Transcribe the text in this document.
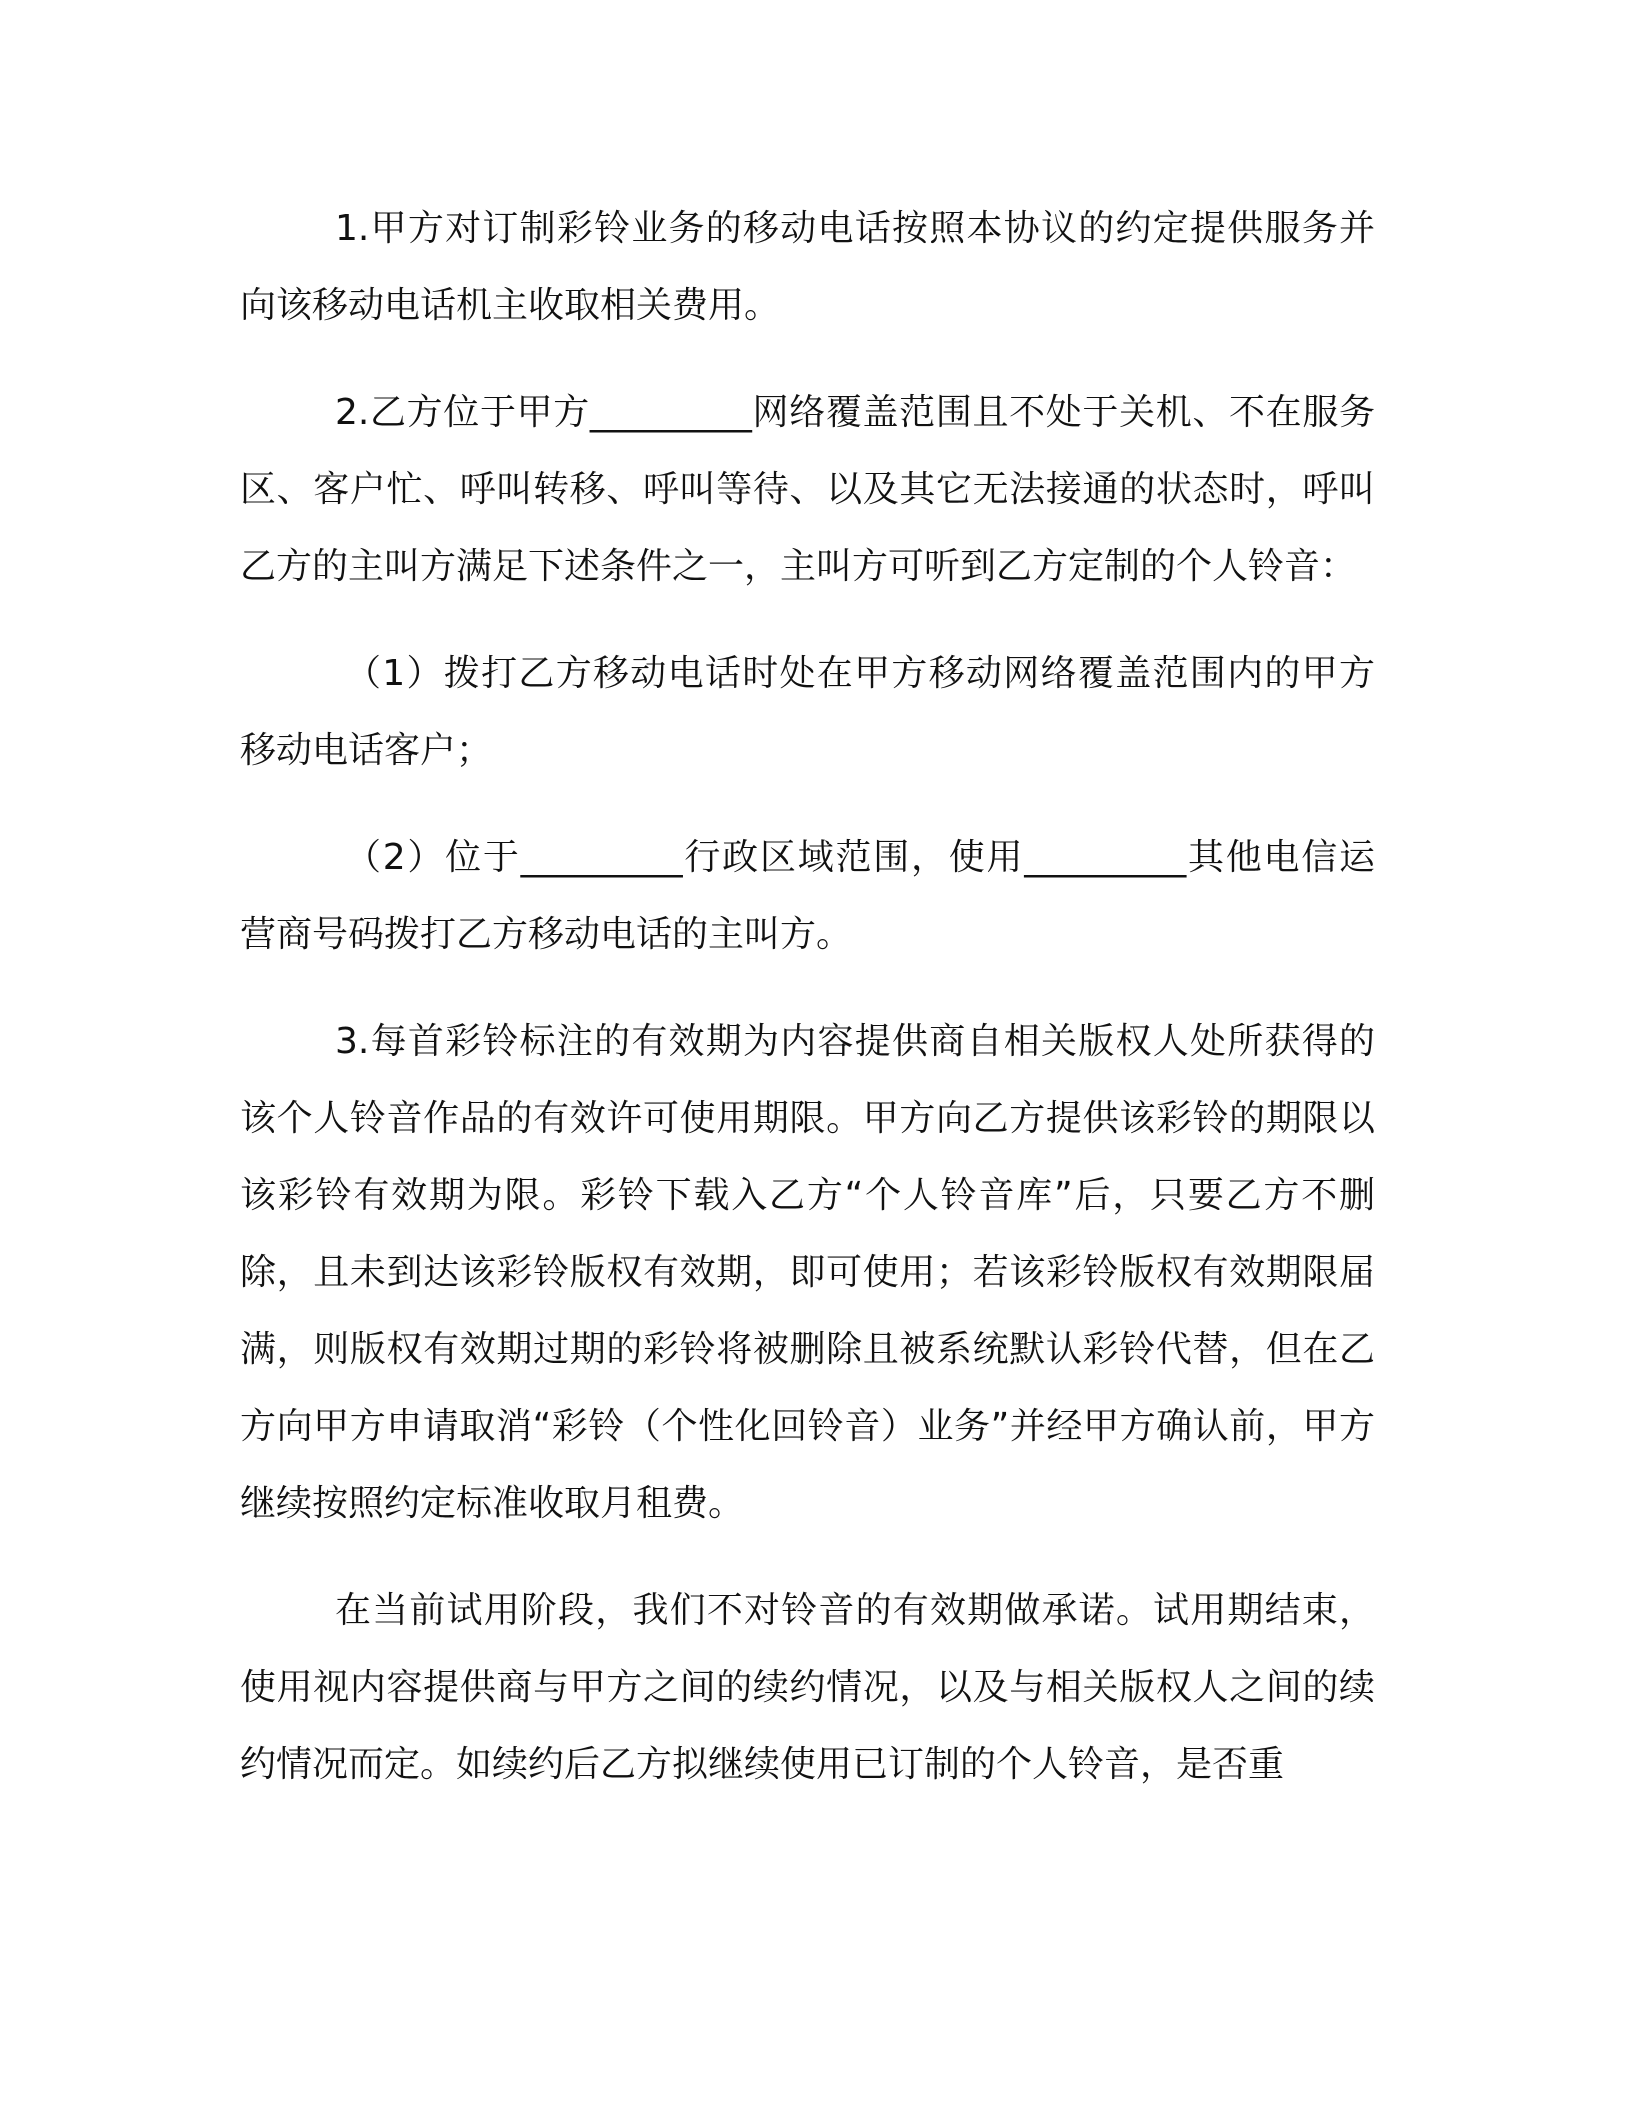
1.甲方对订制彩铃业务的移动电话按照本协议的约定提供服务并向该移动电话机主收取相关费用。

2.乙方位于甲方_________网络覆盖范围且不处于关机、不在服务区、客户忙、呼叫转移、呼叫等待、以及其它无法接通的状态时，呼叫乙方的主叫方满足下述条件之一，主叫方可听到乙方定制的个人铃音：

（1）拨打乙方移动电话时处在甲方移动网络覆盖范围内的甲方移动电话客户；

（2）位于_________行政区域范围，使用_________其他电信运营商号码拨打乙方移动电话的主叫方。

3.每首彩铃标注的有效期为内容提供商自相关版权人处所获得的该个人铃音作品的有效许可使用期限。甲方向乙方提供该彩铃的期限以该彩铃有效期为限。彩铃下载入乙方“个人铃音库”后，只要乙方不删除，且未到达该彩铃版权有效期，即可使用；若该彩铃版权有效期限届满，则版权有效期过期的彩铃将被删除且被系统默认彩铃代替，但在乙方向甲方申请取消“彩铃（个性化回铃音）业务”并经甲方确认前，甲方继续按照约定标准收取月租费。

在当前试用阶段，我们不对铃音的有效期做承诺。试用期结束，使用视内容提供商与甲方之间的续约情况，以及与相关版权人之间的续约情况而定。如续约后乙方拟继续使用已订制的个人铃音，是否重
